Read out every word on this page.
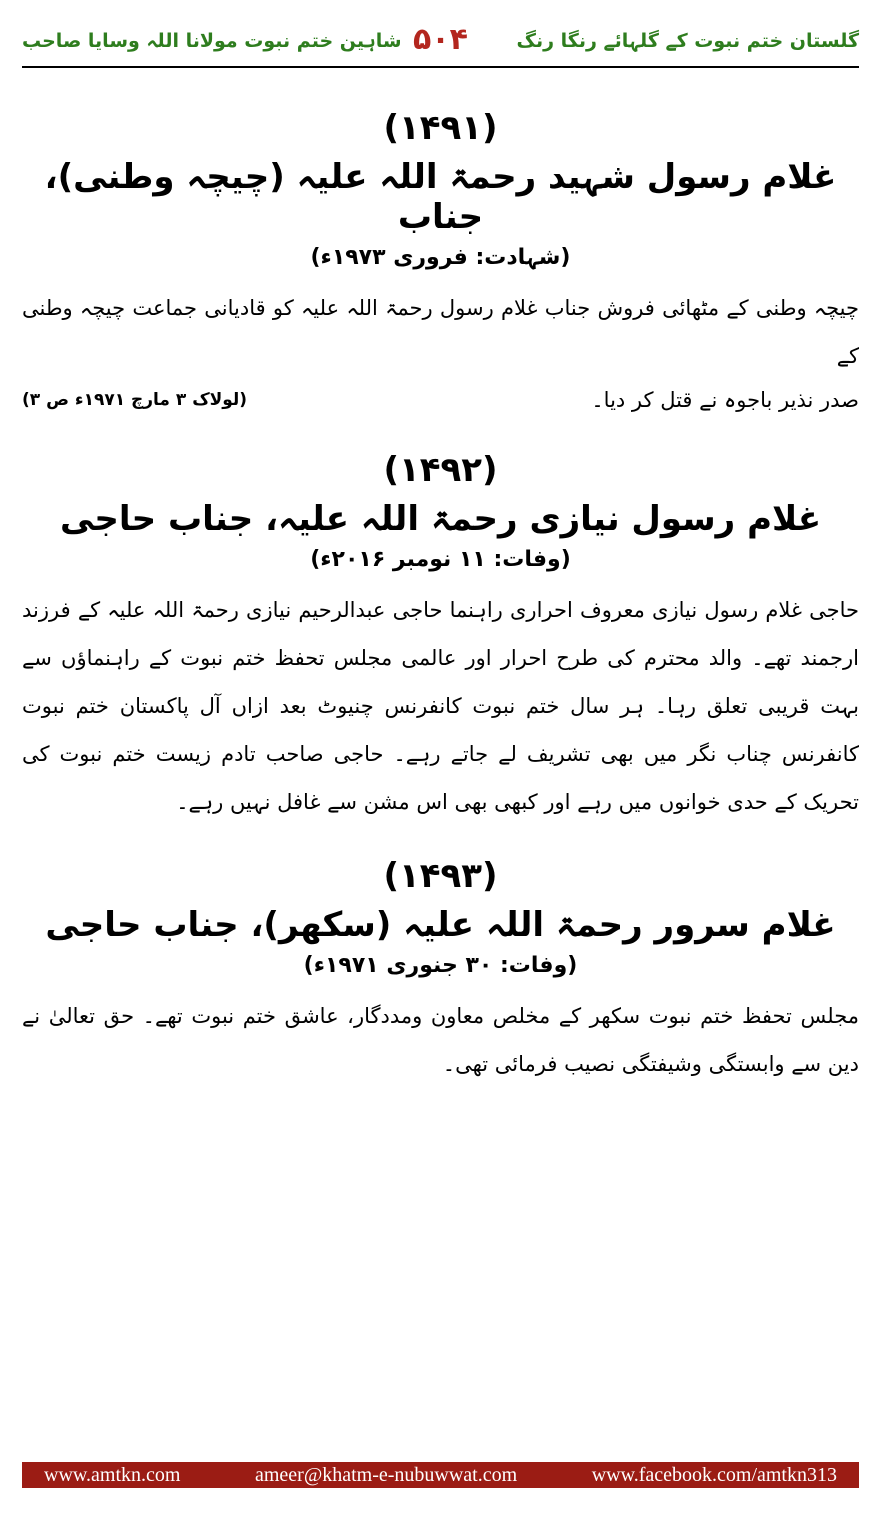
گلستان ختم نبوت کے گلہائے رنگا رنگ
۵۰۴
شاہین ختم نبوت مولانا اللہ وسایا صاحب
(۱۴۹۱)
غلام رسول شہید رحمۃ اللہ علیہ (چیچہ وطنی)، جناب
(شہادت: فروری ۱۹۷۳ء)
چیچہ وطنی کے مٹھائی فروش جناب غلام رسول رحمۃ اللہ علیہ کو قادیانی جماعت چیچہ وطنی کے
صدر نذیر باجوہ نے قتل کر دیا۔
(لولاک ۳ مارچ ۱۹۷۱ء ص ۳)
(۱۴۹۲)
غلام رسول نیازی رحمۃ اللہ علیہ، جناب حاجی
(وفات: ۱۱ نومبر ۲۰۱۶ء)
حاجی غلام رسول نیازی معروف احراری راہنما حاجی عبدالرحیم نیازی رحمۃ اللہ علیہ کے فرزند ارجمند تھے۔ والد محترم کی طرح احرار اور عالمی مجلس تحفظ ختم نبوت کے راہنماؤں سے بہت قریبی تعلق رہا۔ ہر سال ختم نبوت کانفرنس چنیوٹ بعد ازاں آل پاکستان ختم نبوت کانفرنس چناب نگر میں بھی تشریف لے جاتے رہے۔ حاجی صاحب تادم زیست ختم نبوت کی تحریک کے حدی خوانوں میں رہے اور کبھی بھی اس مشن سے غافل نہیں رہے۔
(۱۴۹۳)
غلام سرور رحمۃ اللہ علیہ (سکھر)، جناب حاجی
(وفات: ۳۰ جنوری ۱۹۷۱ء)
مجلس تحفظ ختم نبوت سکھر کے مخلص معاون ومددگار، عاشق ختم نبوت تھے۔ حق تعالیٰ نے دین سے وابستگی وشیفتگی نصیب فرمائی تھی۔
www.amtkn.com	ameer@khatm-e-nubuwwat.com	www.facebook.com/amtkn313
